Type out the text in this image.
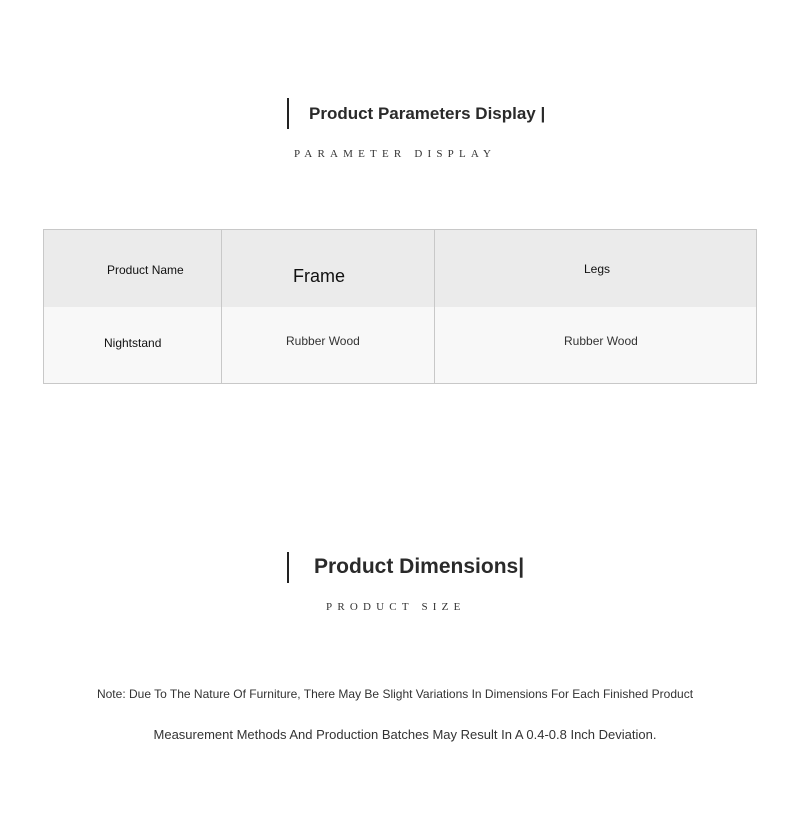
Product Parameters Display |
PARAMETER DISPLAY
Product Name	Frame	Legs
Nightstand	Rubber Wood	Rubber Wood
Product Dimensions|
PRODUCT SIZE
Note: Due To The Nature Of Furniture, There May Be Slight Variations In Dimensions For Each Finished Product
Measurement Methods And Production Batches May Result In A 0.4-0.8 Inch Deviation.
